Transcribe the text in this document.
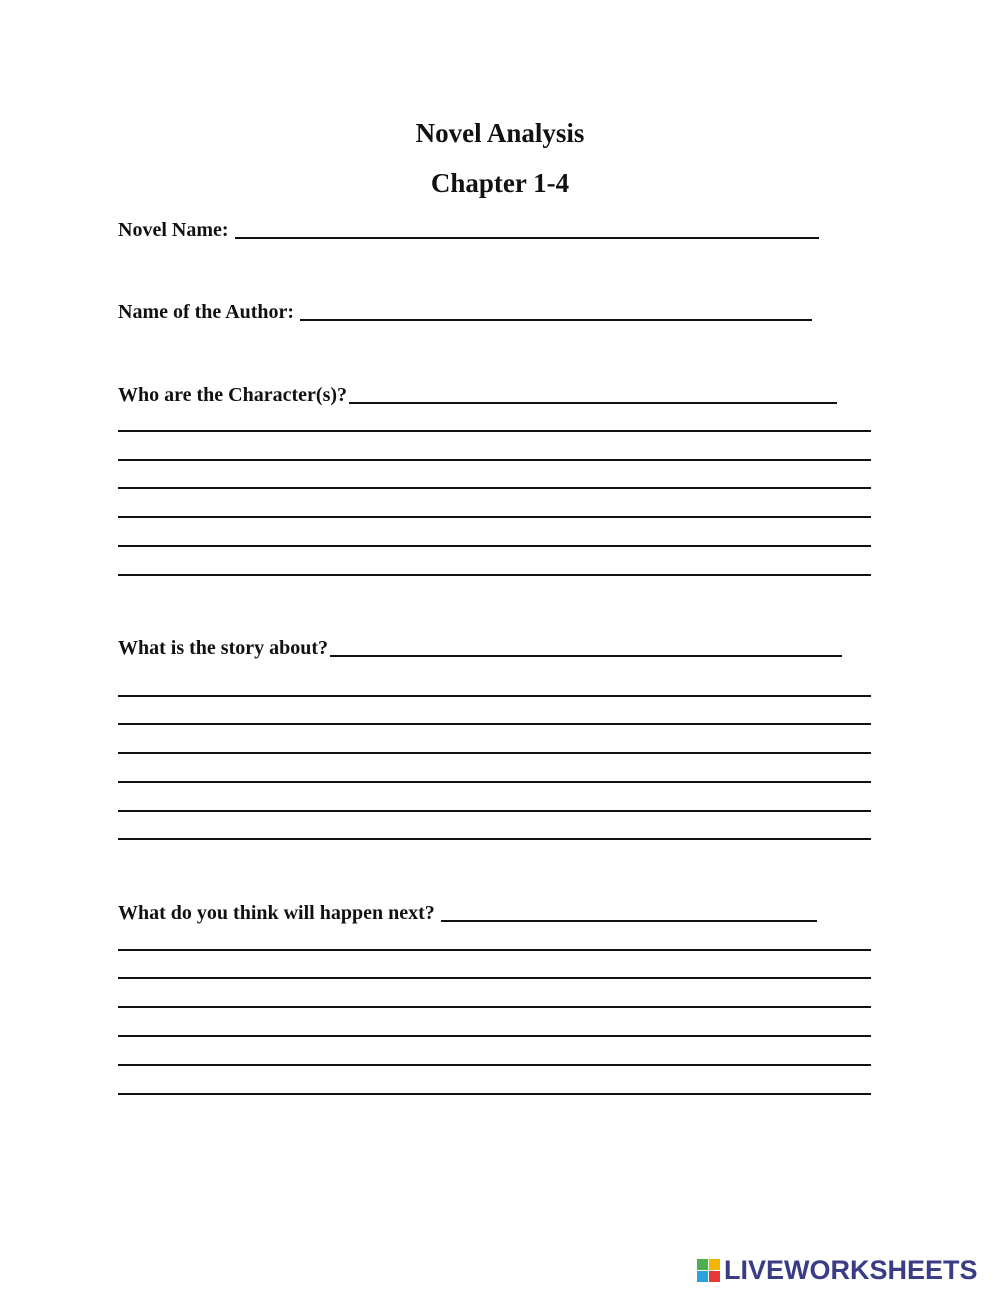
Novel Analysis
Chapter 1-4
Novel Name:
Name of the Author:
Who are the Character(s)?
What is the story about?
What do you think will happen next?
LIVEWORKSHEETS
